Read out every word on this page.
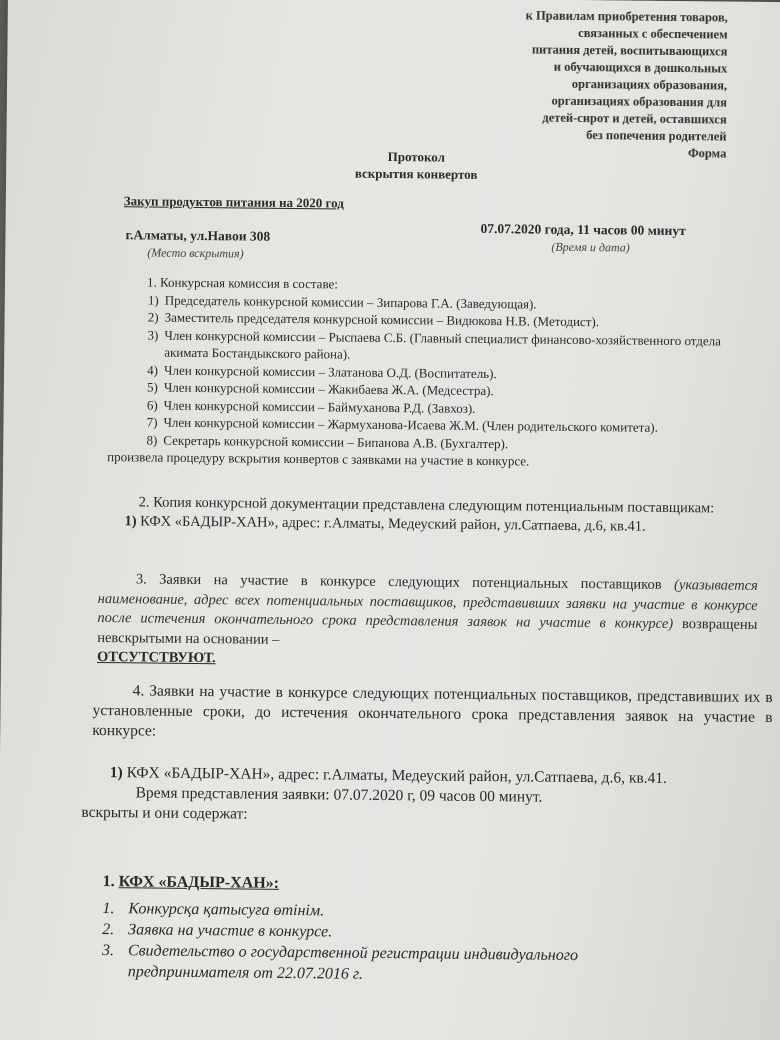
к Правилам приобретения товаров,
связанных с обеспечением
питания детей, воспитывающихся
и обучающихся в дошкольных
организациях образования,
организациях образования для
детей-сирот и детей, оставшихся
без попечения родителей
Форма
Протокол
вскрытия конвертов
Закуп продуктов питания на 2020 год
г.Алматы, ул.Навои 308
(Место вскрытия)
07.07.2020 года, 11 часов 00 минут
(Время и дата)
1. Конкурсная комиссия в составе:
1) Председатель конкурсной комиссии – Зипарова Г.А. (Заведующая).
2) Заместитель председателя конкурсной комиссии – Видюкова Н.В. (Методист).
3) Член конкурсной комиссии – Рыспаева С.Б. (Главный специалист финансово-хозяйственного отдела акимата Бостандыкского района).
4) Член конкурсной комиссии – Златанова О.Д. (Воспитатель).
5) Член конкурсной комиссии – Жакибаева Ж.А. (Медсестра).
6) Член конкурсной комиссии – Баймуханова Р.Д. (Завхоз).
7) Член конкурсной комиссии – Жармуханова-Исаева Ж.М. (Член родительского комитета).
8) Секретарь конкурсной комиссии – Бипанова А.В. (Бухгалтер).
произвела процедуру вскрытия конвертов с заявками на участие в конкурсе.
2. Копия конкурсной документации представлена следующим потенциальным поставщикам:
1) КФХ «БАДЫР-ХАН», адрес: г.Алматы, Медеуский район, ул.Сатпаева, д.6, кв.41.
3. Заявки на участие в конкурсе следующих потенциальных поставщиков (указывается наименование, адрес всех потенциальных поставщиков, представивших заявки на участие в конкурсе после истечения окончательного срока представления заявок на участие в конкурсе) возвращены невскрытыми на основании –
ОТСУТСТВУЮТ.

4. Заявки на участие в конкурсе следующих потенциальных поставщиков, представивших их в установленные сроки, до истечения окончательного срока представления заявок на участие в конкурсе:

1) КФХ «БАДЫР-ХАН», адрес: г.Алматы, Медеуский район, ул.Сатпаева, д.6, кв.41.

Время представления заявки: 07.07.2020 г, 09 часов 00 минут.

вскрыты и они содержат:

1. КФХ «БАДЫР-ХАН»:
1. Конкурсқа қатысуға өтінім.
2. Заявка на участие в конкурсе.
3. Свидетельство о государственной регистрации индивидуального предпринимателя от 22.07.2016 г.
